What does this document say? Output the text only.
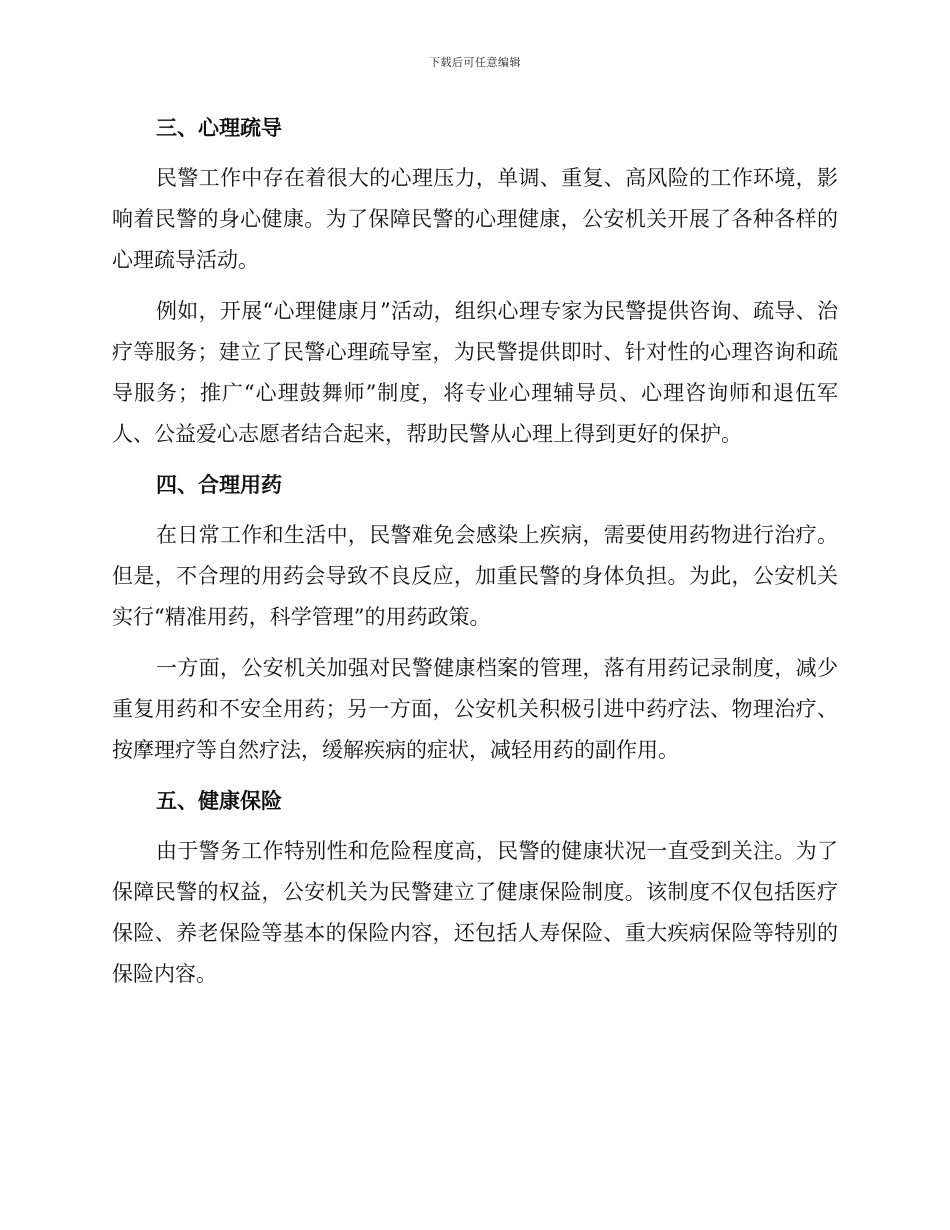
下载后可任意编辑
三、心理疏导

民警工作中存在着很大的心理压力，单调、重复、高风险的工作环境，影响着民警的身心健康。为了保障民警的心理健康，公安机关开展了各种各样的心理疏导活动。

例如，开展“心理健康月”活动，组织心理专家为民警提供咨询、疏导、治疗等服务；建立了民警心理疏导室，为民警提供即时、针对性的心理咨询和疏导服务；推广“心理鼓舞师”制度，将专业心理辅导员、心理咨询师和退伍军人、公益爱心志愿者结合起来，帮助民警从心理上得到更好的保护。

四、合理用药

在日常工作和生活中，民警难免会感染上疾病，需要使用药物进行治疗。但是，不合理的用药会导致不良反应，加重民警的身体负担。为此，公安机关实行“精准用药，科学管理”的用药政策。

一方面，公安机关加强对民警健康档案的管理，落有用药记录制度，减少重复用药和不安全用药；另一方面，公安机关积极引进中药疗法、物理治疗、按摩理疗等自然疗法，缓解疾病的症状，减轻用药的副作用。

五、健康保险

由于警务工作特别性和危险程度高，民警的健康状况一直受到关注。为了保障民警的权益，公安机关为民警建立了健康保险制度。该制度不仅包括医疗保险、养老保险等基本的保险内容，还包括人寿保险、重大疾病保险等特别的保险内容。
